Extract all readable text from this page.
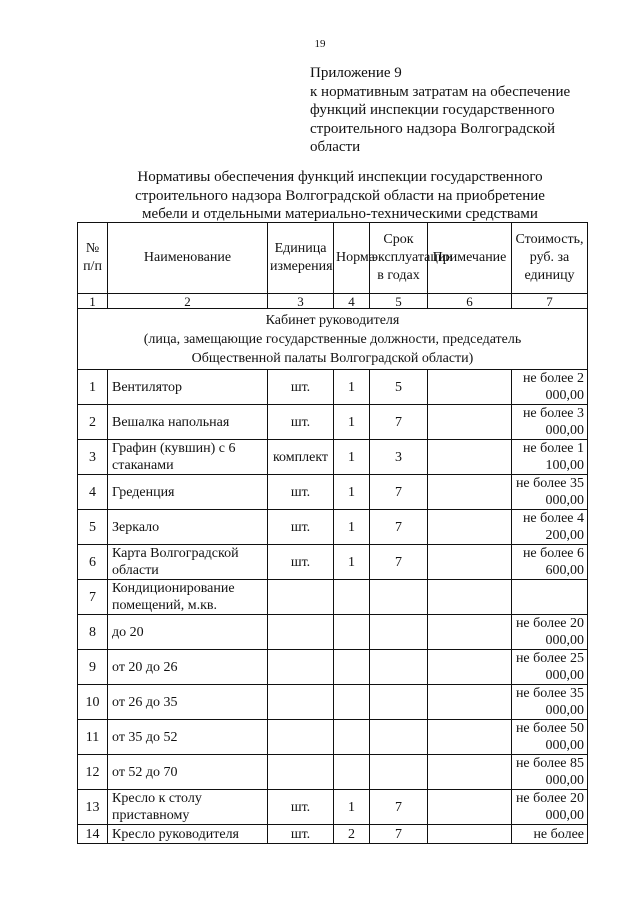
19
Приложение 9
к нормативным затратам на обеспечение
функций инспекции государственного
строительного надзора Волгоградской
области
Нормативы обеспечения функций инспекции государственного
строительного надзора Волгоградской области на приобретение
мебели и отдельными материально-техническими средствами
№ п/п	Наименование	Единица измерения	Норма	Срок эксплуатации в годах	Примечание	Стоимость, руб. за единицу
1	2	3	4	5	6	7

Кабинет руководителя
(лица, замещающие государственные должности, председатель
Общественной палаты Волгоградской области)						

1	Вентилятор	шт.	1	5		не более 2 000,00
2	Вешалка напольная	шт.	1	7		не более 3 000,00
3	Графин (кувшин) с 6 стаканами	комплект	1	3		не более 1 100,00
4	Греденция	шт.	1	7		не более 35 000,00
5	Зеркало	шт.	1	7		не более 4 200,00
6	Карта Волгоградской области	шт.	1	7		не более 6 600,00
7	Кондиционирование помещений, м.кв.					
8	до 20					не более 20 000,00
9	от 20 до 26					не более 25 000,00
10	от 26 до 35					не более 35 000,00
11	от 35 до 52					не более 50 000,00
12	от 52 до 70					не более 85 000,00
13	Кресло к столу приставному	шт.	1	7		не более 20 000,00
14	Кресло руководителя	шт.	2	7		не более
